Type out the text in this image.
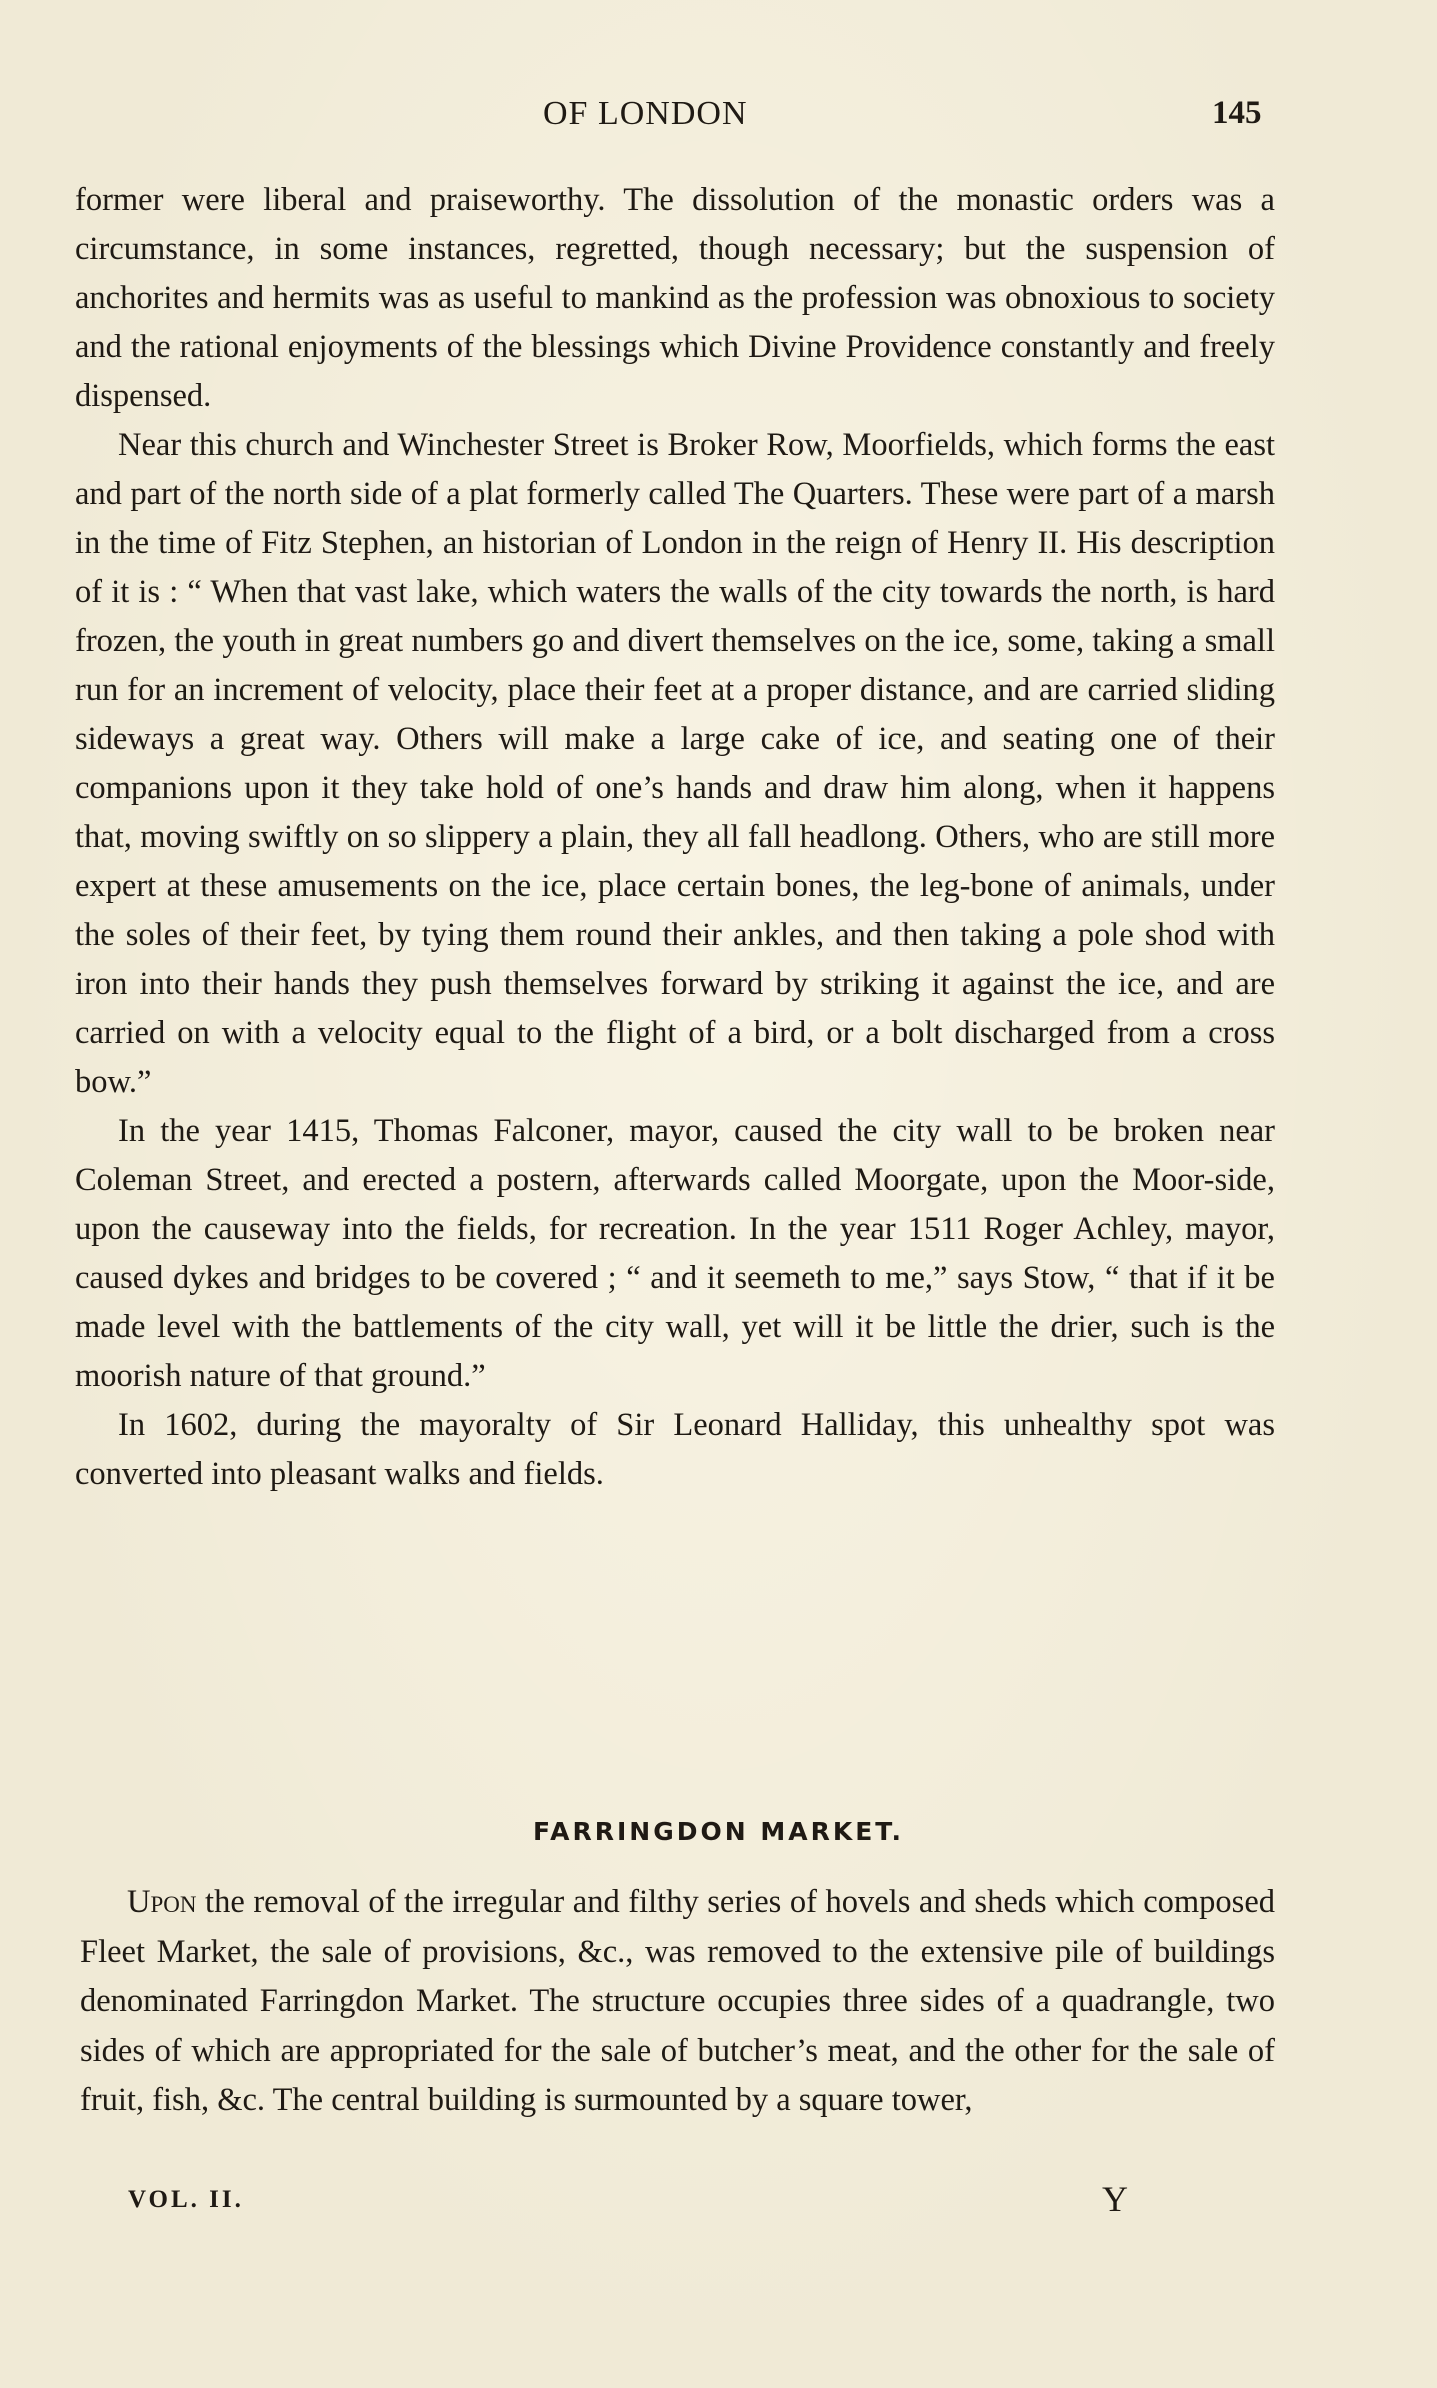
OF LONDON	145

former were liberal and praiseworthy. The dissolution of the monastic orders was a circumstance, in some instances, regretted, though necessary; but the suspension of anchorites and hermits was as useful to mankind as the profession was obnoxious to society and the rational enjoyments of the blessings which Divine Providence constantly and freely dispensed.

Near this church and Winchester Street is Broker Row, Moorfields, which forms the east and part of the north side of a plat formerly called The Quarters. These were part of a marsh in the time of Fitz Stephen, an historian of London in the reign of Henry II. His description of it is : “ When that vast lake, which waters the walls of the city towards the north, is hard frozen, the youth in great numbers go and divert themselves on the ice, some, taking a small run for an increment of velocity, place their feet at a proper distance, and are carried sliding sideways a great way. Others will make a large cake of ice, and seating one of their companions upon it they take hold of one’s hands and draw him along, when it happens that, moving swiftly on so slippery a plain, they all fall headlong. Others, who are still more expert at these amusements on the ice, place certain bones, the leg-bone of animals, under the soles of their feet, by tying them round their ankles, and then taking a pole shod with iron into their hands they push themselves forward by striking it against the ice, and are carried on with a velocity equal to the flight of a bird, or a bolt discharged from a cross bow.”

In the year 1415, Thomas Falconer, mayor, caused the city wall to be broken near Coleman Street, and erected a postern, afterwards called Moorgate, upon the Moor-side, upon the causeway into the fields, for recreation. In the year 1511 Roger Achley, mayor, caused dykes and bridges to be covered ; “ and it seemeth to me,” says Stow, “ that if it be made level with the battlements of the city wall, yet will it be little the drier, such is the moorish nature of that ground.”

In 1602, during the mayoralty of Sir Leonard Halliday, this unhealthy spot was converted into pleasant walks and fields.

FARRINGDON MARKET.

Upon the removal of the irregular and filthy series of hovels and sheds which composed Fleet Market, the sale of provisions, &c., was removed to the extensive pile of buildings denominated Farringdon Market. The structure occupies three sides of a quadrangle, two sides of which are appropriated for the sale of butcher’s meat, and the other for the sale of fruit, fish, &c. The central building is surmounted by a square tower,

VOL. II.	Y
